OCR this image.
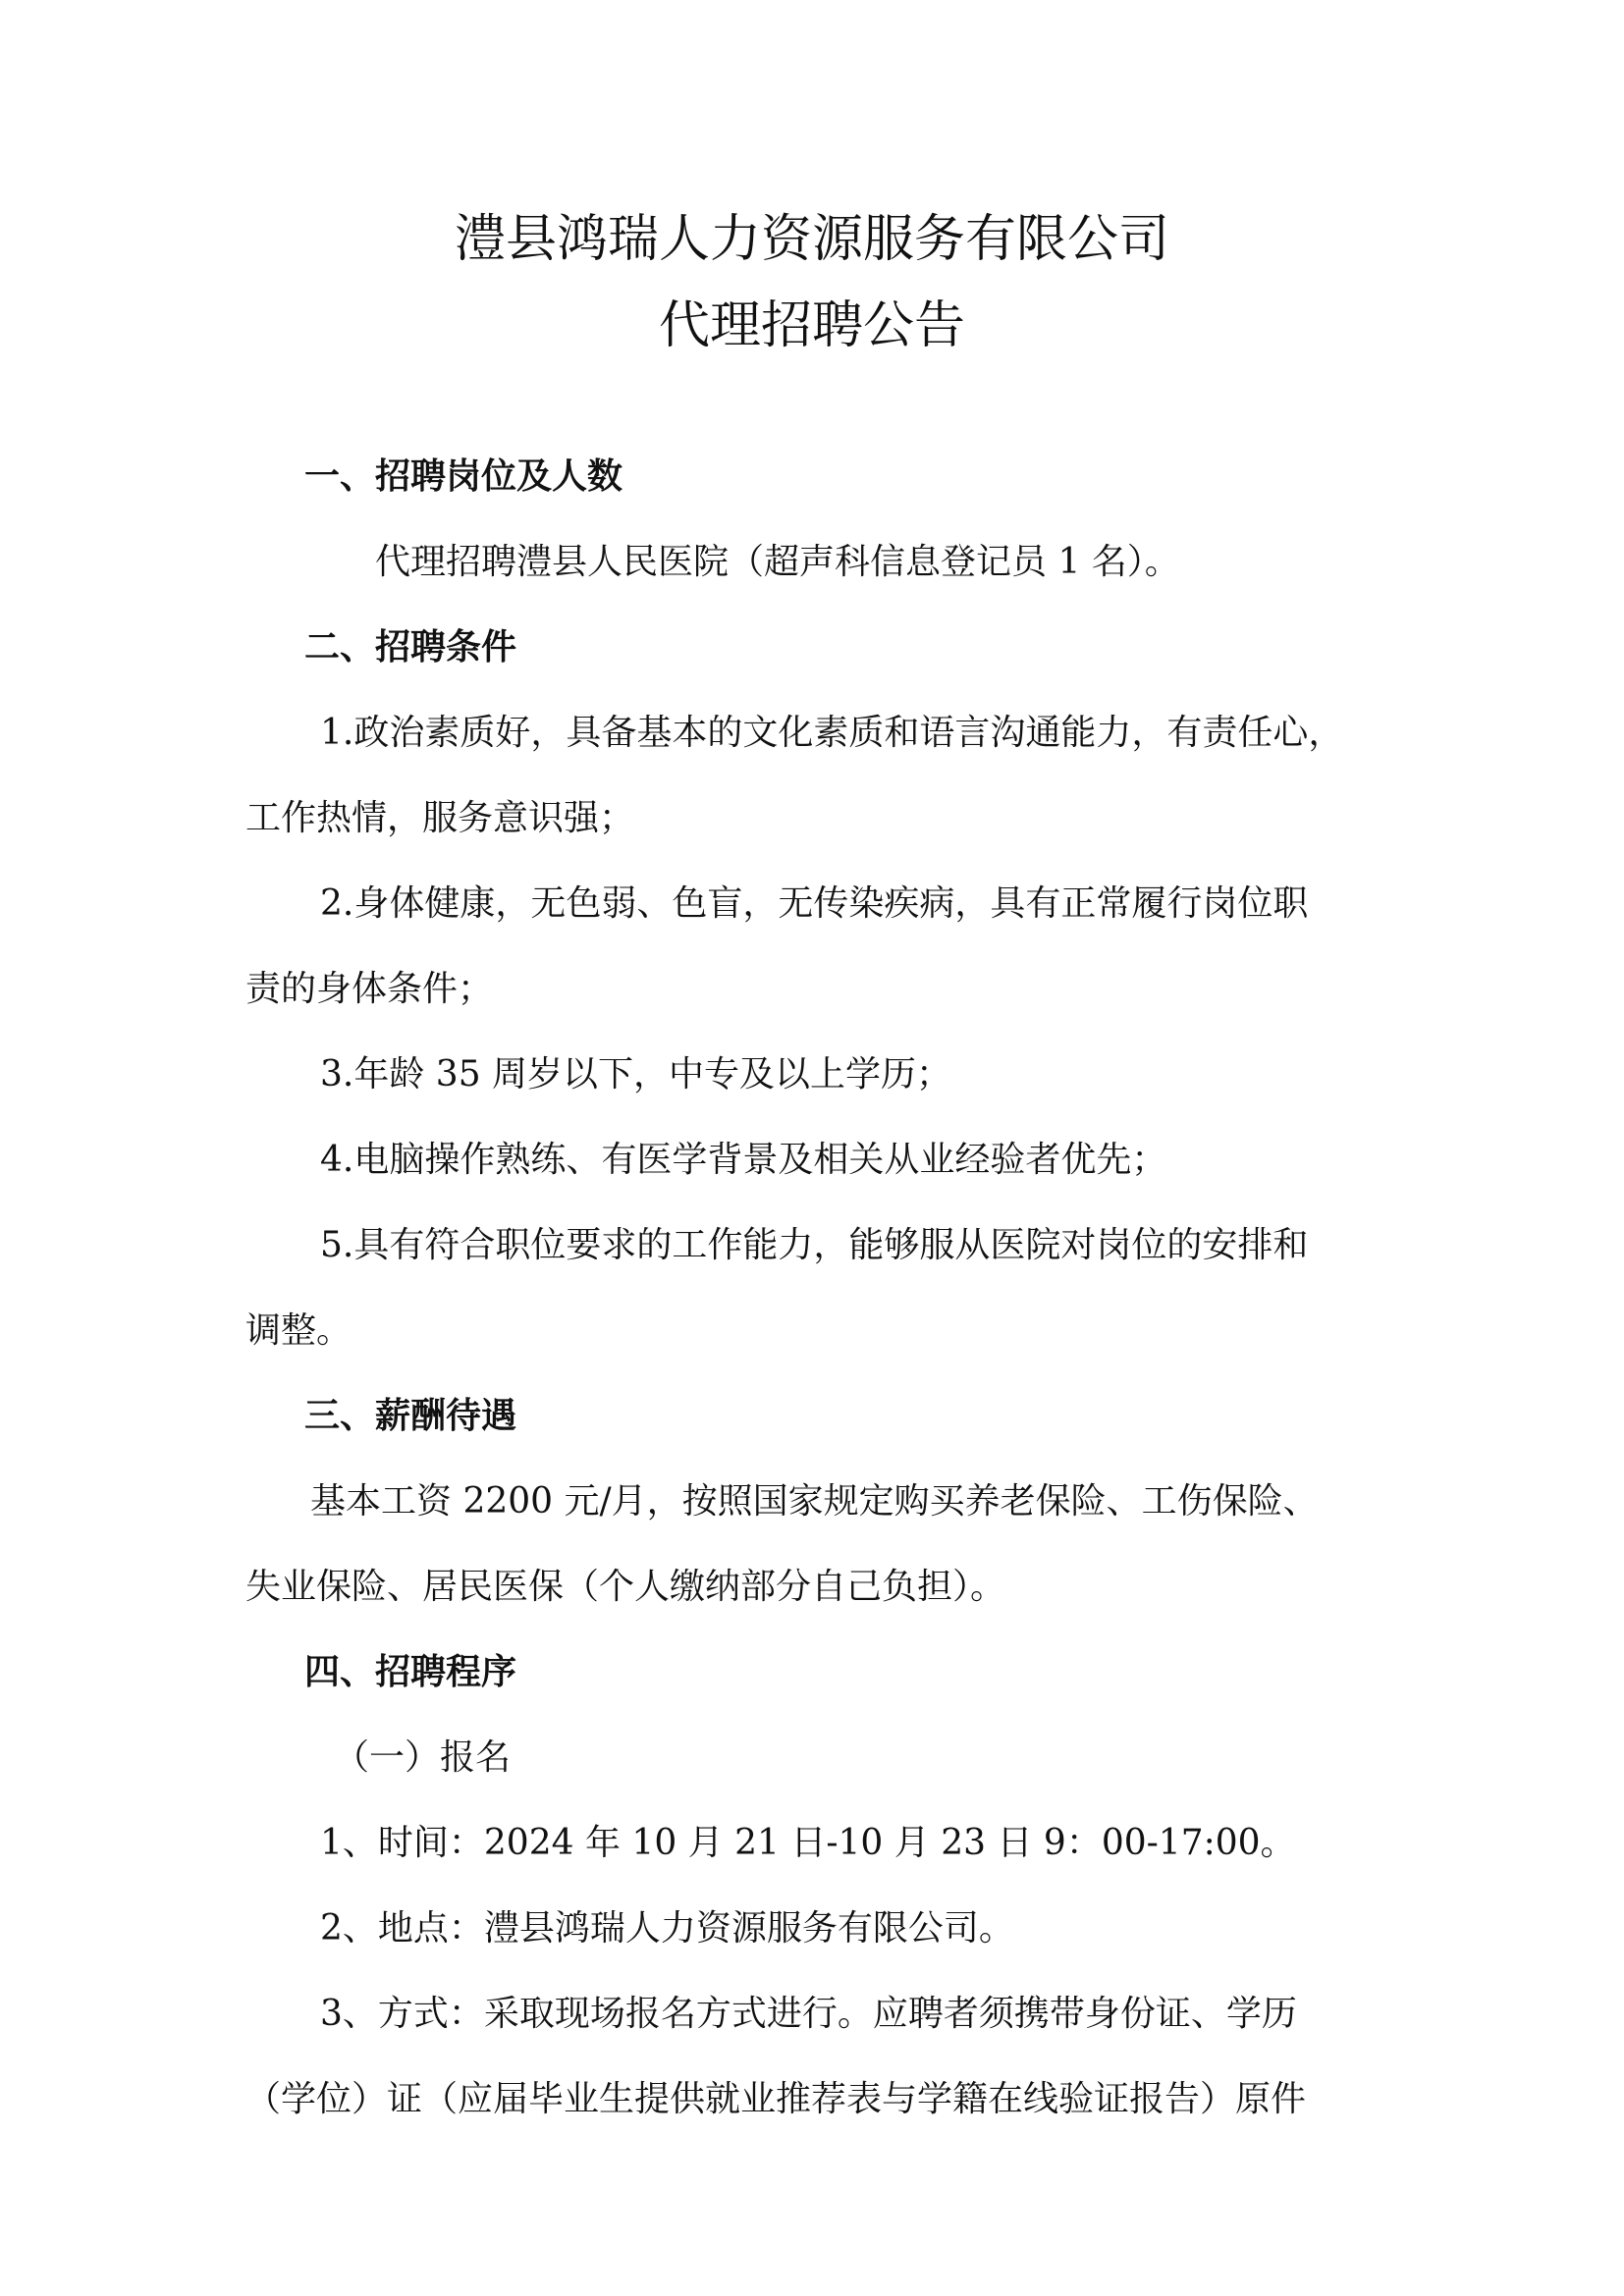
澧县鸿瑞人力资源服务有限公司
代理招聘公告
一、招聘岗位及人数
代理招聘澧县人民医院（超声科信息登记员 1 名）。
二、招聘条件
1.政治素质好，具备基本的文化素质和语言沟通能力，有责任心，
工作热情，服务意识强；
2.身体健康，无色弱、色盲，无传染疾病，具有正常履行岗位职
责的身体条件；
3.年龄 35 周岁以下，中专及以上学历；
4.电脑操作熟练、有医学背景及相关从业经验者优先；
5.具有符合职位要求的工作能力，能够服从医院对岗位的安排和
调整。
三、薪酬待遇
基本工资 2200 元/月，按照国家规定购买养老保险、工伤保险、
失业保险、居民医保（个人缴纳部分自己负担）。
四、招聘程序
（一）报名
1、时间：2024 年 10 月 21 日-10 月 23 日 9：00-17:00。
2、地点：澧县鸿瑞人力资源服务有限公司。
3、方式：采取现场报名方式进行。应聘者须携带身份证、学历
（学位）证（应届毕业生提供就业推荐表与学籍在线验证报告）原件
